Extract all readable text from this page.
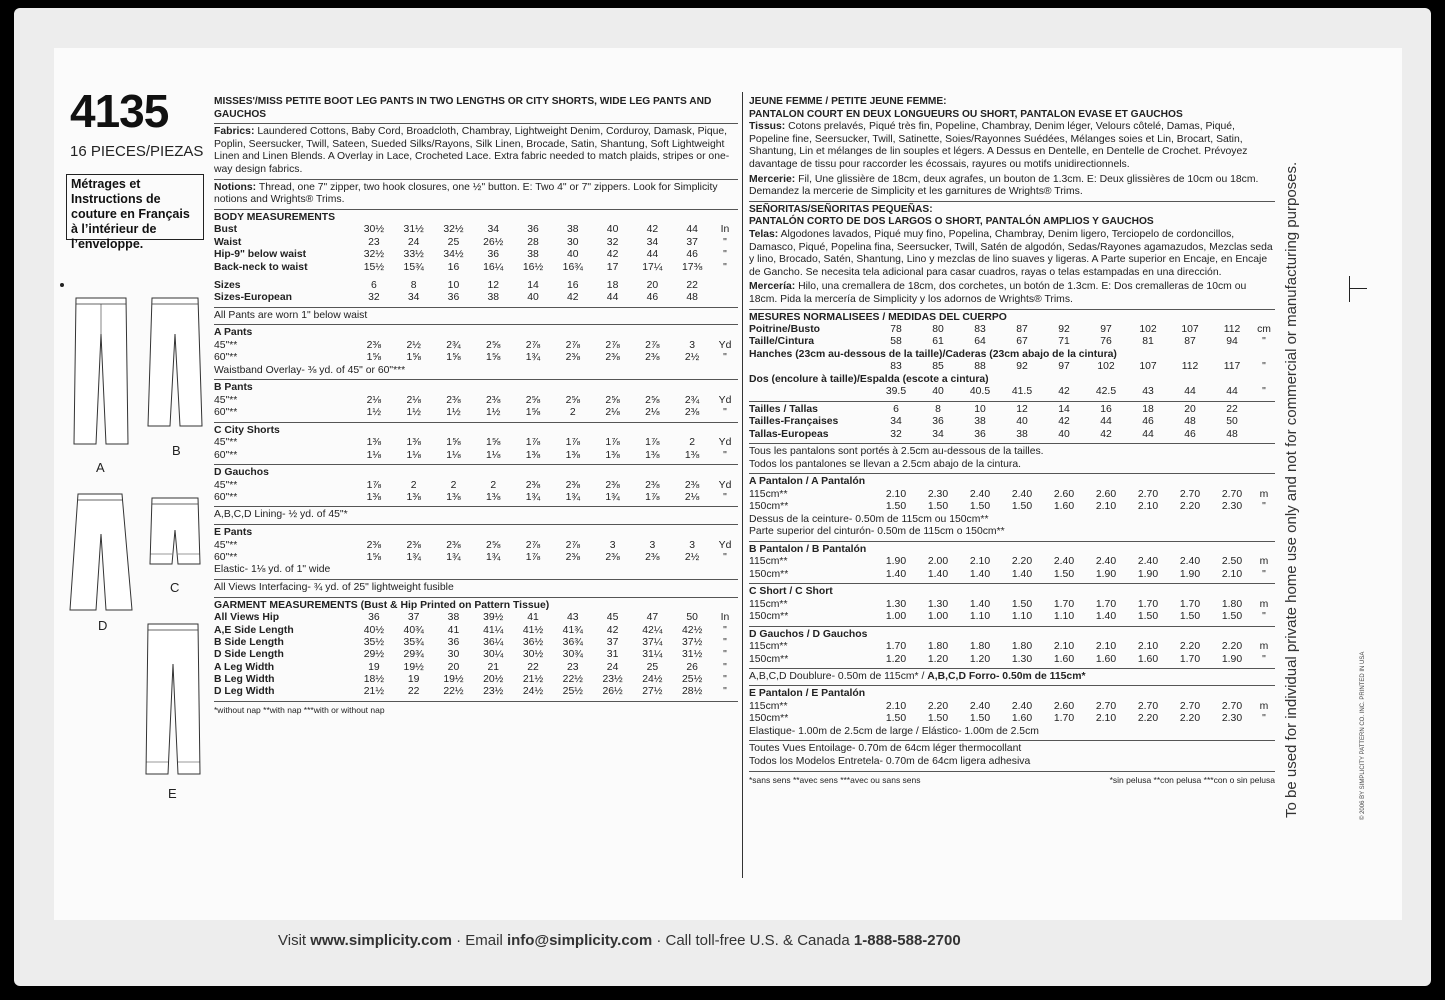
4135
16 PIECES/PIEZAS
Métrages et Instructions de couture en Français à l’intérieur de l’enveloppe.
A
B
D
C
E
MISSES'/MISS PETITE BOOT LEG PANTS IN TWO LENGTHS OR CITY SHORTS, WIDE LEG PANTS AND GAUCHOS
Fabrics: Laundered Cottons, Baby Cord, Broadcloth, Chambray, Lightweight Denim, Corduroy, Damask, Pique, Poplin, Seersucker, Twill, Sateen, Sueded Silks/Rayons, Silk Linen, Brocade, Satin, Shantung, Soft Lightweight Linen and Linen Blends. A Overlay in Lace, Crocheted Lace. Extra fabric needed to match plaids, stripes or one-way design fabrics.
Notions: Thread, one 7" zipper, two hook closures, one ½" button. E: Two 4" or 7" zippers. Look for Simplicity notions and Wrights® Trims.
BODY MEASUREMENTS
Bust	30½	31½	32½	34	36	38	40	42	44	In
Waist	23	24	25	26½	28	30	32	34	37	"
Hip-9" below waist	32½	33½	34½	36	38	40	42	44	46	"
Back-neck to waist	15½	15¾	16	16¼	16½	16¾	17	17¼	17⅜	"
Sizes	6	8	10	12	14	16	18	20	22
Sizes-European	32	34	36	38	40	42	44	46	48
All Pants are worn 1" below waist
A Pants
45"**	2⅜	2½	2¾	2⅝	2⅞	2⅞	2⅞	2⅞	3	Yd
60"**	1⅝	1⅝	1⅝	1⅝	1¾	2⅜	2⅜	2⅜	2½	"
Waistband Overlay- ⅜ yd. of 45" or 60"***
B Pants
45"**	2⅛	2⅛	2⅜	2⅜	2⅝	2⅝	2⅝	2⅝	2¾	Yd
60"**	1½	1½	1½	1½	1⅝	2	2⅛	2⅛	2⅜	"
C City Shorts
45"**	1⅜	1⅜	1⅝	1⅝	1⅞	1⅞	1⅞	1⅞	2	Yd
60"**	1⅛	1⅛	1⅛	1⅛	1⅜	1⅜	1⅜	1⅜	1⅜	"
D Gauchos
45"**	1⅞	2	2	2	2⅜	2⅜	2⅜	2⅜	2⅜	Yd
60"**	1⅜	1⅜	1⅜	1⅜	1¾	1¾	1¾	1⅞	2⅛	"
A,B,C,D Lining- ½ yd. of 45"*
E Pants
45"**	2⅜	2⅜	2⅜	2⅝	2⅞	2⅞	3	3	3	Yd
60"**	1⅝	1¾	1¾	1¾	1⅞	2⅜	2⅜	2⅜	2½	"
Elastic- 1⅛ yd. of 1" wide
All Views Interfacing- ¾ yd. of 25" lightweight fusible
GARMENT MEASUREMENTS (Bust & Hip Printed on Pattern Tissue)
All Views Hip	36	37	38	39½	41	43	45	47	50	In
A,E Side Length	40½	40¾	41	41¼	41½	41¾	42	42¼	42½	"
B Side Length	35½	35¾	36	36¼	36½	36¾	37	37¼	37½	"
D Side Length	29½	29¾	30	30¼	30½	30¾	31	31¼	31½	"
A Leg Width	19	19½	20	21	22	23	24	25	26	"
B Leg Width	18½	19	19½	20½	21½	22½	23½	24½	25½	"
D Leg Width	21½	22	22½	23½	24½	25½	26½	27½	28½	"
*without nap **with nap ***with or without nap
JEUNE FEMME / PETITE JEUNE FEMME:
PANTALON COURT EN DEUX LONGUEURS OU SHORT, PANTALON EVASE ET GAUCHOS
Tissus: Cotons prelavés, Piqué très fin, Popeline, Chambray, Denim léger, Velours côtelé, Damas, Piqué, Popeline fine, Seersucker, Twill, Satinette, Soies/Rayonnes Suédées, Mélanges soies et Lin, Brocart, Satin, Shantung, Lin et mélanges de lin souples et légers. A Dessus en Dentelle, en Dentelle de Crochet. Prévoyez davantage de tissu pour raccorder les écossais, rayures ou motifs unidirectionnels.
Mercerie: Fil, Une glissière de 18cm, deux agrafes, un bouton de 1.3cm. E: Deux glissières de 10cm ou 18cm. Demandez la mercerie de Simplicity et les garnitures de Wrights® Trims.
SEÑORITAS/SEÑORITAS PEQUEÑAS:
PANTALÓN CORTO DE DOS LARGOS O SHORT, PANTALÓN AMPLIOS Y GAUCHOS
Telas: Algodones lavados, Piqué muy fino, Popelina, Chambray, Denim ligero, Terciopelo de cordoncillos, Damasco, Piqué, Popelina fina, Seersucker, Twill, Satén de algodón, Sedas/Rayones agamazudos, Mezclas seda y lino, Brocado, Satén, Shantung, Lino y mezclas de lino suaves y ligeras. A Parte superior en Encaje, en Encaje de Gancho. Se necesita tela adicional para casar cuadros, rayas o telas estampadas en una dirección.
Mercería: Hilo, una cremallera de 18cm, dos corchetes, un botón de 1.3cm. E: Dos cremalleras de 10cm ou 18cm. Pida la mercería de Simplicity y los adornos de Wrights® Trims.
MESURES NORMALISEES / MEDIDAS DEL CUERPO
Poitrine/Busto	78	80	83	87	92	97	102	107	112	cm
Taille/Cintura	58	61	64	67	71	76	81	87	94	"
Hanches (23cm au-dessous de la taille)/Caderas (23cm abajo de la cintura)
83	85	88	92	97	102	107	112	117	"
Dos (encolure à taille)/Espalda (escote a cintura)
39.5	40	40.5	41.5	42	42.5	43	44	44	"
Tailles / Tallas	6	8	10	12	14	16	18	20	22
Tailles-Françaises	34	36	38	40	42	44	46	48	50
Tallas-Europeas	32	34	36	38	40	42	44	46	48
Tous les pantalons sont portés à 2.5cm au-dessous de la tailles.
Todos los pantalones se llevan a 2.5cm abajo de la cintura.
A Pantalon / A Pantalón
115cm**	2.10	2.30	2.40	2.40	2.60	2.60	2.70	2.70	2.70	m
150cm**	1.50	1.50	1.50	1.50	1.60	2.10	2.10	2.20	2.30	"
Dessus de la ceinture- 0.50m de 115cm ou 150cm**
Parte superior del cinturón- 0.50m de 115cm o 150cm**
B Pantalon / B Pantalón
115cm**	1.90	2.00	2.10	2.20	2.40	2.40	2.40	2.40	2.50	m
150cm**	1.40	1.40	1.40	1.40	1.50	1.90	1.90	1.90	2.10	"
C Short / C Short
115cm**	1.30	1.30	1.40	1.50	1.70	1.70	1.70	1.70	1.80	m
150cm**	1.00	1.00	1.10	1.10	1.10	1.40	1.50	1.50	1.50	"
D Gauchos / D Gauchos
115cm**	1.70	1.80	1.80	1.80	2.10	2.10	2.10	2.20	2.20	m
150cm**	1.20	1.20	1.20	1.30	1.60	1.60	1.60	1.70	1.90	"
A,B,C,D Doublure- 0.50m de 115cm* / A,B,C,D Forro- 0.50m de 115cm*
E Pantalon / E Pantalón
115cm**	2.10	2.20	2.40	2.40	2.60	2.70	2.70	2.70	2.70	m
150cm**	1.50	1.50	1.50	1.60	1.70	2.10	2.20	2.20	2.30	"
Elastique- 1.00m de 2.5cm de large / Elástico- 1.00m de 2.5cm
Toutes Vues Entoilage- 0.70m de 64cm léger thermocollant
Todos los Modelos Entretela- 0.70m de 64cm ligera adhesiva
*sans sens **avec sens ***avec ou sans sens	*sin pelusa **con pelusa ***con o sin pelusa
Visit www.simplicity.com · Email info@simplicity.com · Call toll-free U.S. & Canada 1-888-588-2700
To be used for individual private home use only and not for commercial or manufacturing purposes.	© 2006 BY SIMPLICITY PATTERN CO. INC. PRINTED IN USA
